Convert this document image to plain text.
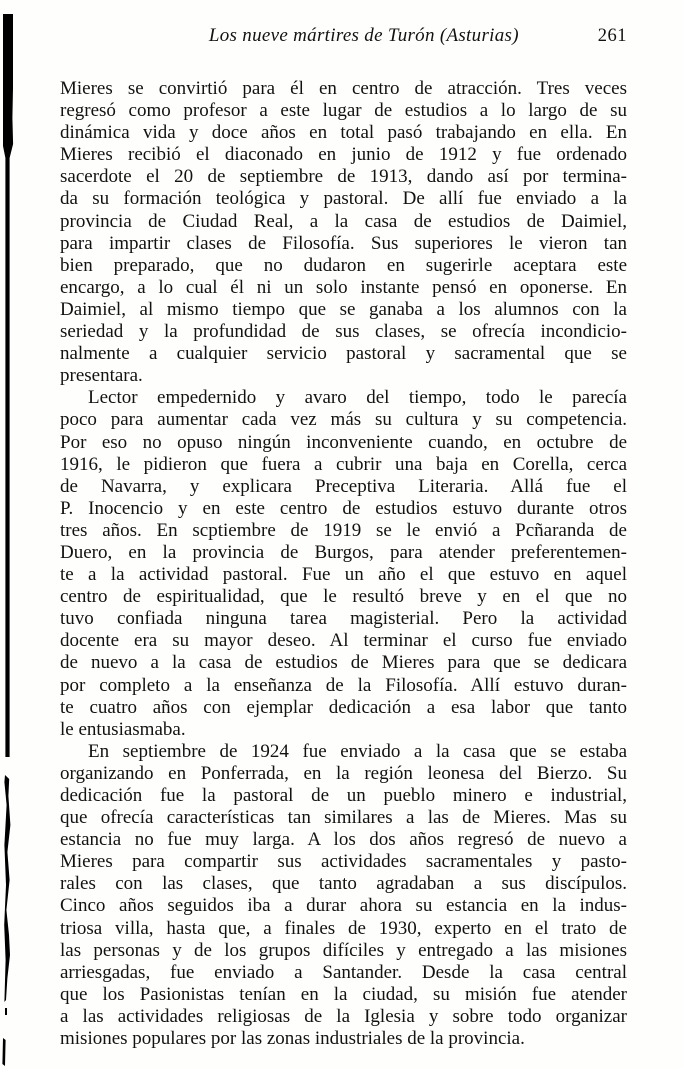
Los nueve mártires de Turón (Asturias)	261
Mieres se convirtió para él en centro de atracción. Tres veces
regresó como profesor a este lugar de estudios a lo largo de su
dinámica vida y doce años en total pasó trabajando en ella. En
Mieres recibió el diaconado en junio de 1912 y fue ordenado
sacerdote el 20 de septiembre de 1913, dando así por termina-
da su formación teológica y pastoral. De allí fue enviado a la
provincia de Ciudad Real, a la casa de estudios de Daimiel,
para impartir clases de Filosofía. Sus superiores le vieron tan
bien preparado, que no dudaron en sugerirle aceptara este
encargo, a lo cual él ni un solo instante pensó en oponerse. En
Daimiel, al mismo tiempo que se ganaba a los alumnos con la
seriedad y la profundidad de sus clases, se ofrecía incondicio-
nalmente a cualquier servicio pastoral y sacramental que se
presentara.
Lector empedernido y avaro del tiempo, todo le parecía
poco para aumentar cada vez más su cultura y su competencia.
Por eso no opuso ningún inconveniente cuando, en octubre de
1916, le pidieron que fuera a cubrir una baja en Corella, cerca
de Navarra, y explicara Preceptiva Literaria. Allá fue el
P. Inocencio y en este centro de estudios estuvo durante otros
tres años. En scptiembre de 1919 se le envió a Pcñaranda de
Duero, en la provincia de Burgos, para atender preferentemen-
te a la actividad pastoral. Fue un año el que estuvo en aquel
centro de espiritualidad, que le resultó breve y en el que no
tuvo confiada ninguna tarea magisterial. Pero la actividad
docente era su mayor deseo. Al terminar el curso fue enviado
de nuevo a la casa de estudios de Mieres para que se dedicara
por completo a la enseñanza de la Filosofía. Allí estuvo duran-
te cuatro años con ejemplar dedicación a esa labor que tanto
le entusiasmaba.
En septiembre de 1924 fue enviado a la casa que se estaba
organizando en Ponferrada, en la región leonesa del Bierzo. Su
dedicación fue la pastoral de un pueblo minero e industrial,
que ofrecía características tan similares a las de Mieres. Mas su
estancia no fue muy larga. A los dos años regresó de nuevo a
Mieres para compartir sus actividades sacramentales y pasto-
rales con las clases, que tanto agradaban a sus discípulos.
Cinco años seguidos iba a durar ahora su estancia en la indus-
triosa villa, hasta que, a finales de 1930, experto en el trato de
las personas y de los grupos difíciles y entregado a las misiones
arriesgadas, fue enviado a Santander. Desde la casa central
que los Pasionistas tenían en la ciudad, su misión fue atender
a las actividades religiosas de la Iglesia y sobre todo organizar
misiones populares por las zonas industriales de la provincia.
